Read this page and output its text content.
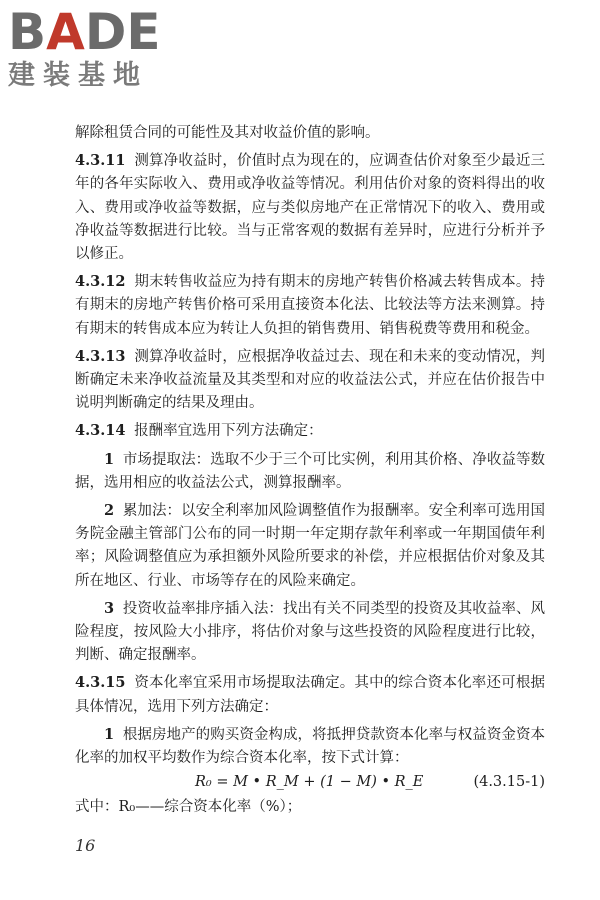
BADE
建装基地

解除租赁合同的可能性及其对收益价值的影响。

4.3.11 测算净收益时，价值时点为现在的，应调查估价对象至少最近三年的各年实际收入、费用或净收益等情况。利用估价对象的资料得出的收入、费用或净收益等数据，应与类似房地产在正常情况下的收入、费用或净收益等数据进行比较。当与正常客观的数据有差异时，应进行分析并予以修正。

4.3.12 期末转售收益应为持有期末的房地产转售价格减去转售成本。持有期末的房地产转售价格可采用直接资本化法、比较法等方法来测算。持有期末的转售成本应为转让人负担的销售费用、销售税费等费用和税金。

4.3.13 测算净收益时，应根据净收益过去、现在和未来的变动情况，判断确定未来净收益流量及其类型和对应的收益法公式，并应在估价报告中说明判断确定的结果及理由。

4.3.14 报酬率宜选用下列方法确定：

1 市场提取法：选取不少于三个可比实例，利用其价格、净收益等数据，选用相应的收益法公式，测算报酬率。

2 累加法：以安全利率加风险调整值作为报酬率。安全利率可选用国务院金融主管部门公布的同一时期一年定期存款年利率或一年期国债年利率；风险调整值应为承担额外风险所要求的补偿，并应根据估价对象及其所在地区、行业、市场等存在的风险来确定。

3 投资收益率排序插入法：找出有关不同类型的投资及其收益率、风险程度，按风险大小排序，将估价对象与这些投资的风险程度进行比较，判断、确定报酬率。

4.3.15 资本化率宜采用市场提取法确定。其中的综合资本化率还可根据具体情况，选用下列方法确定：

1 根据房地产的购买资金构成，将抵押贷款资本化率与权益资金资本化率的加权平均数作为综合资本化率，按下式计算：

R₀ = M • R_M + (1 − M) • R_E	(4.3.15-1)

式中：R₀——综合资本化率（%）；

16
